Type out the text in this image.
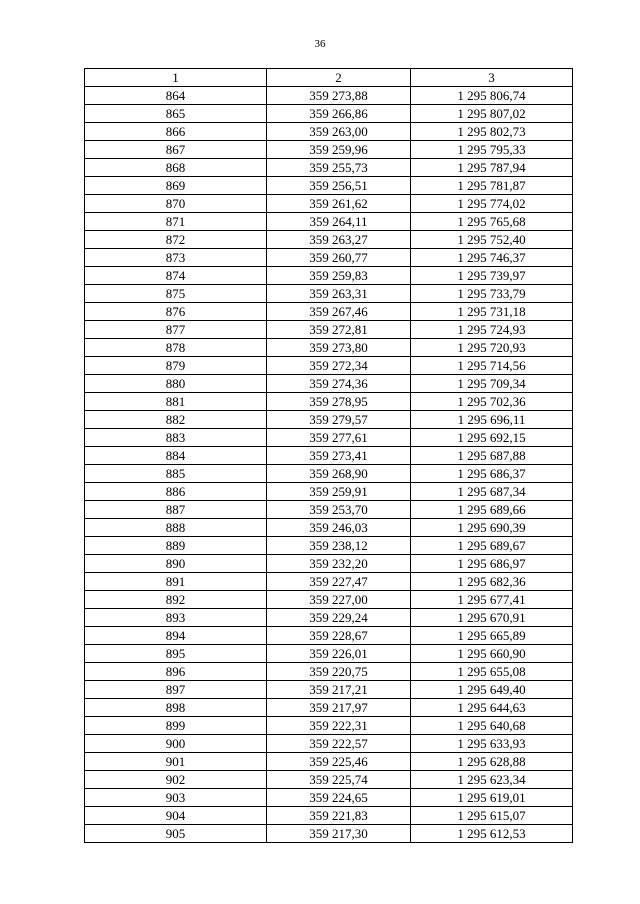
36
1	2	3
864	359 273,88	1 295 806,74
865	359 266,86	1 295 807,02
866	359 263,00	1 295 802,73
867	359 259,96	1 295 795,33
868	359 255,73	1 295 787,94
869	359 256,51	1 295 781,87
870	359 261,62	1 295 774,02
871	359 264,11	1 295 765,68
872	359 263,27	1 295 752,40
873	359 260,77	1 295 746,37
874	359 259,83	1 295 739,97
875	359 263,31	1 295 733,79
876	359 267,46	1 295 731,18
877	359 272,81	1 295 724,93
878	359 273,80	1 295 720,93
879	359 272,34	1 295 714,56
880	359 274,36	1 295 709,34
881	359 278,95	1 295 702,36
882	359 279,57	1 295 696,11
883	359 277,61	1 295 692,15
884	359 273,41	1 295 687,88
885	359 268,90	1 295 686,37
886	359 259,91	1 295 687,34
887	359 253,70	1 295 689,66
888	359 246,03	1 295 690,39
889	359 238,12	1 295 689,67
890	359 232,20	1 295 686,97
891	359 227,47	1 295 682,36
892	359 227,00	1 295 677,41
893	359 229,24	1 295 670,91
894	359 228,67	1 295 665,89
895	359 226,01	1 295 660,90
896	359 220,75	1 295 655,08
897	359 217,21	1 295 649,40
898	359 217,97	1 295 644,63
899	359 222,31	1 295 640,68
900	359 222,57	1 295 633,93
901	359 225,46	1 295 628,88
902	359 225,74	1 295 623,34
903	359 224,65	1 295 619,01
904	359 221,83	1 295 615,07
905	359 217,30	1 295 612,53
